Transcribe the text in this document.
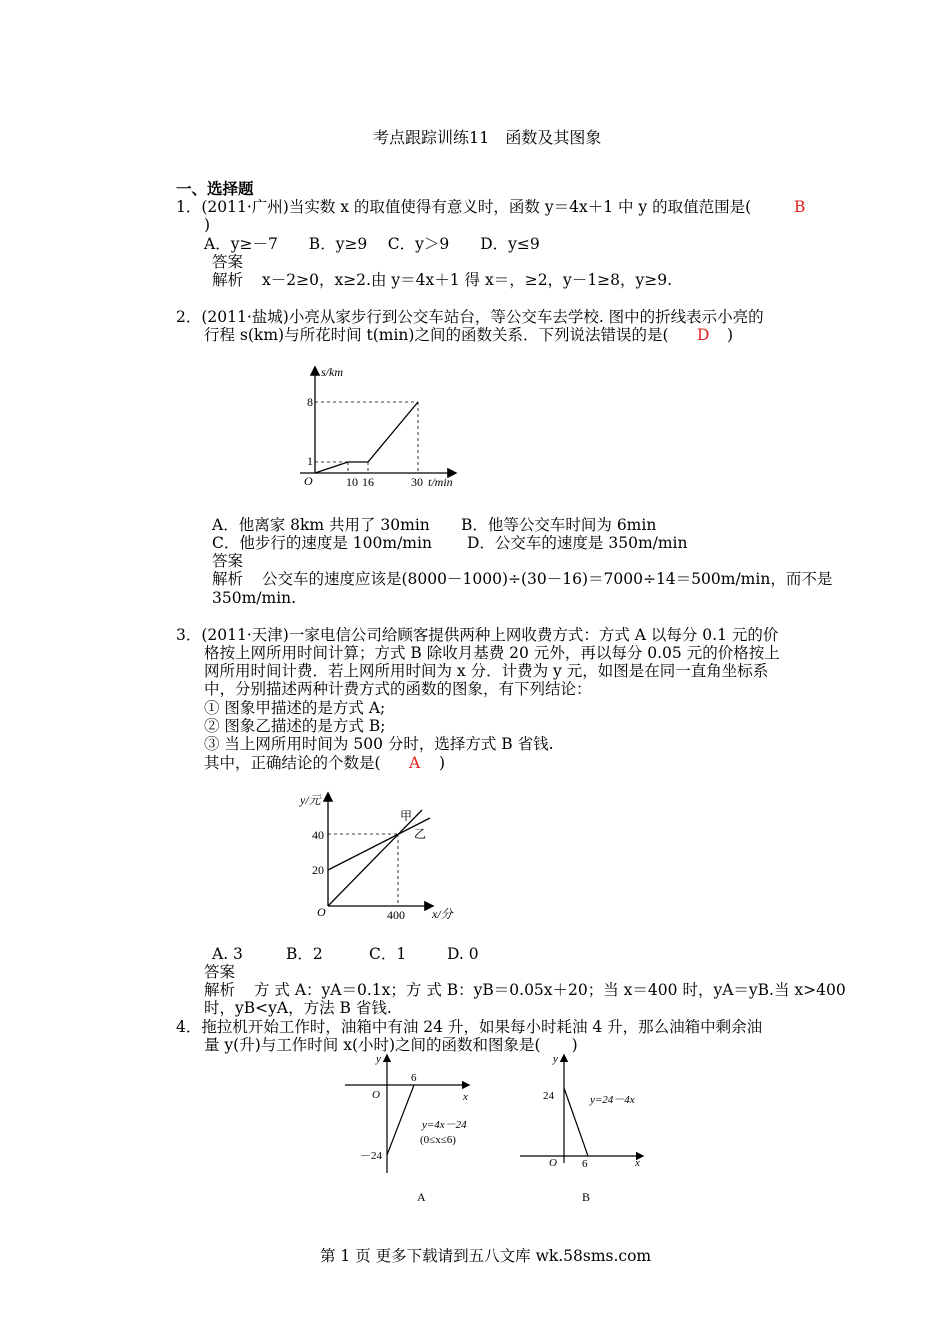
考点跟踪训练11　函数及其图象
一、选择题
1．(2011·广州)当实数 x 的取值使得有意义时，函数 y＝4x＋1 中 y 的取值范围是(	B
)
A．y≥－7　　B．y≥9　 C．y＞9　　D．y≤9
答案
解析 x－2≥0，x≥2.由 y＝4x＋1 得 x＝，≥2，y－1≥8，y≥9.
2．(2011·盐城)小亮从家步行到公交车站台，等公交车去学校. 图中的折线表示小亮的
行程 s(km)与所花时间 t(min)之间的函数关系．下列说法错误的是( D )
s/km
t/min
O
8
1
10 16	30
A．他离家 8km 共用了 30min B．他等公交车时间为 6min
C．他步行的速度是 100m/min D．公交车的速度是 350m/min
答案
解析 公交车的速度应该是(8000－1000)÷(30－16)＝7000÷14＝500m/min，而不是
350m/min.
3．(2011·天津)一家电信公司给顾客提供两种上网收费方式：方式 A 以每分 0.1 元的价
格按上网所用时间计算；方式 B 除收月基费 20 元外，再以每分 0.05 元的价格按上
网所用时间计费．若上网所用时间为 x 分．计费为 y 元，如图是在同一直角坐标系
中，分别描述两种计费方式的函数的图象，有下列结论：
① 图象甲描述的是方式 A;
② 图象乙描述的是方式 B;
③ 当上网所用时间为 500 分时，选择方式 B 省钱.
其中，正确结论的个数是( A )
y/元
x/分
O
40
20
400
甲
乙
A. 3	B．2	C．1	D. 0
答案
解析 方 式 A：yA＝0.1x；方 式 B：yB＝0.05x＋20；当 x＝400 时，yA＝yB.当 x>400
时，yB<yA，方法 B 省钱.
4．拖拉机开始工作时，油箱中有油 24 升，如果每小时耗油 4 升，那么油箱中剩余油
量 y(升)与工作时间 x(小时)之间的函数和图象是(　　)
y
x
O
6
－24
y=4x－24
(0≤x≤6)
A
y
x
O
24
6
y=24－4x
B
第 1 页 更多下载请到五八文库 wk.58sms.com
